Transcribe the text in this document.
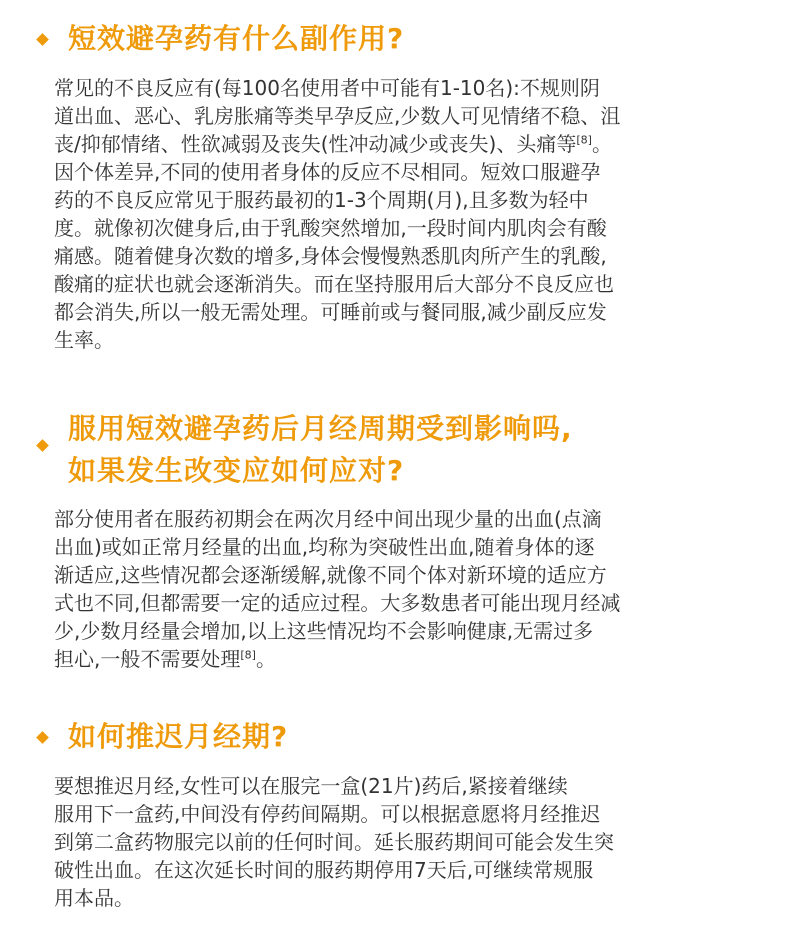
短效避孕药有什么副作用?
常见的不良反应有(每100名使用者中可能有1-10名):不规则阴
道出血、恶心、乳房胀痛等类早孕反应,少数人可见情绪不稳、沮
丧/抑郁情绪、性欲减弱及丧失(性冲动减少或丧失)、头痛等[8]。
因个体差异,不同的使用者身体的反应不尽相同。短效口服避孕
药的不良反应常见于服药最初的1-3个周期(月),且多数为轻中
度。就像初次健身后,由于乳酸突然增加,一段时间内肌肉会有酸
痛感。随着健身次数的增多,身体会慢慢熟悉肌肉所产生的乳酸,
酸痛的症状也就会逐渐消失。而在坚持服用后大部分不良反应也
都会消失,所以一般无需处理。可睡前或与餐同服,减少副反应发
生率。
服用短效避孕药后月经周期受到影响吗,
如果发生改变应如何应对?
部分使用者在服药初期会在两次月经中间出现少量的出血(点滴
出血)或如正常月经量的出血,均称为突破性出血,随着身体的逐
渐适应,这些情况都会逐渐缓解,就像不同个体对新环境的适应方
式也不同,但都需要一定的适应过程。大多数患者可能出现月经减
少,少数月经量会增加,以上这些情况均不会影响健康,无需过多
担心,一般不需要处理[8]。
如何推迟月经期?
要想推迟月经,女性可以在服完一盒(21片)药后,紧接着继续
服用下一盒药,中间没有停药间隔期。可以根据意愿将月经推迟
到第二盒药物服完以前的任何时间。延长服药期间可能会发生突
破性出血。在这次延长时间的服药期停用7天后,可继续常规服
用本品。
